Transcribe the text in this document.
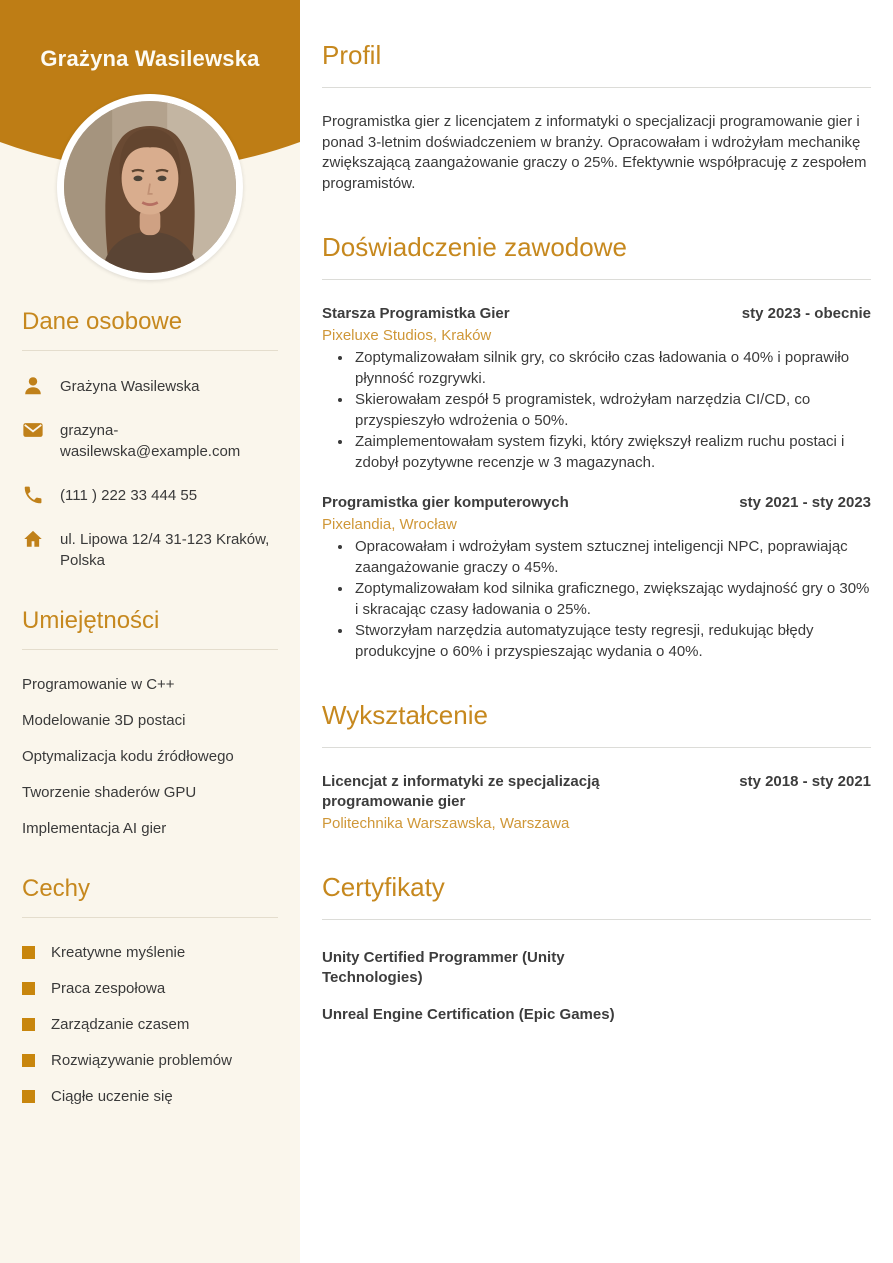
Grażyna Wasilewska
Dane osobowe
Grażyna Wasilewska
grazyna-wasilewska@example.com
(111 ) 222 33 444 55
ul. Lipowa 12/4 31-123 Kraków, Polska
Umiejętności
Programowanie w C++
Modelowanie 3D postaci
Optymalizacja kodu źródłowego
Tworzenie shaderów GPU
Implementacja AI gier
Cechy
Kreatywne myślenie
Praca zespołowa
Zarządzanie czasem
Rozwiązywanie problemów
Ciągłe uczenie się
Profil

Programistka gier z licencjatem z informatyki o specjalizacji programowanie gier i ponad 3-letnim doświadczeniem w branży. Opracowałam i wdrożyłam mechanikę zwiększającą zaangażowanie graczy o 25%. Efektywnie współpracuję z zespołem programistów.

Doświadczenie zawodowe
Starsza Programistka Gier	sty 2023 - obecnie
Pixeluxe Studios, Kraków
• Zoptymalizowałam silnik gry, co skróciło czas ładowania o 40% i poprawiło płynność rozgrywki.
• Skierowałam zespół 5 programistek, wdrożyłam narzędzia CI/CD, co przyspieszyło wdrożenia o 50%.
• Zaimplementowałam system fizyki, który zwiększył realizm ruchu postaci i zdobył pozytywne recenzje w 3 magazynach.
Programistka gier komputerowych	sty 2021 - sty 2023
Pixelandia, Wrocław
• Opracowałam i wdrożyłam system sztucznej inteligencji NPC, poprawiając zaangażowanie graczy o 45%.
• Zoptymalizowałam kod silnika graficznego, zwiększając wydajność gry o 30% i skracając czasy ładowania o 25%.
• Stworzyłam narzędzia automatyzujące testy regresji, redukując błędy produkcyjne o 60% i przyspieszając wydania o 40%.
Wykształcenie
Licencjat z informatyki ze specjalizacją programowanie gier
sty 2018 - sty 2021
Politechnika Warszawska, Warszawa
Certyfikaty
Unity Certified Programmer (Unity Technologies)
Unreal Engine Certification (Epic Games)
